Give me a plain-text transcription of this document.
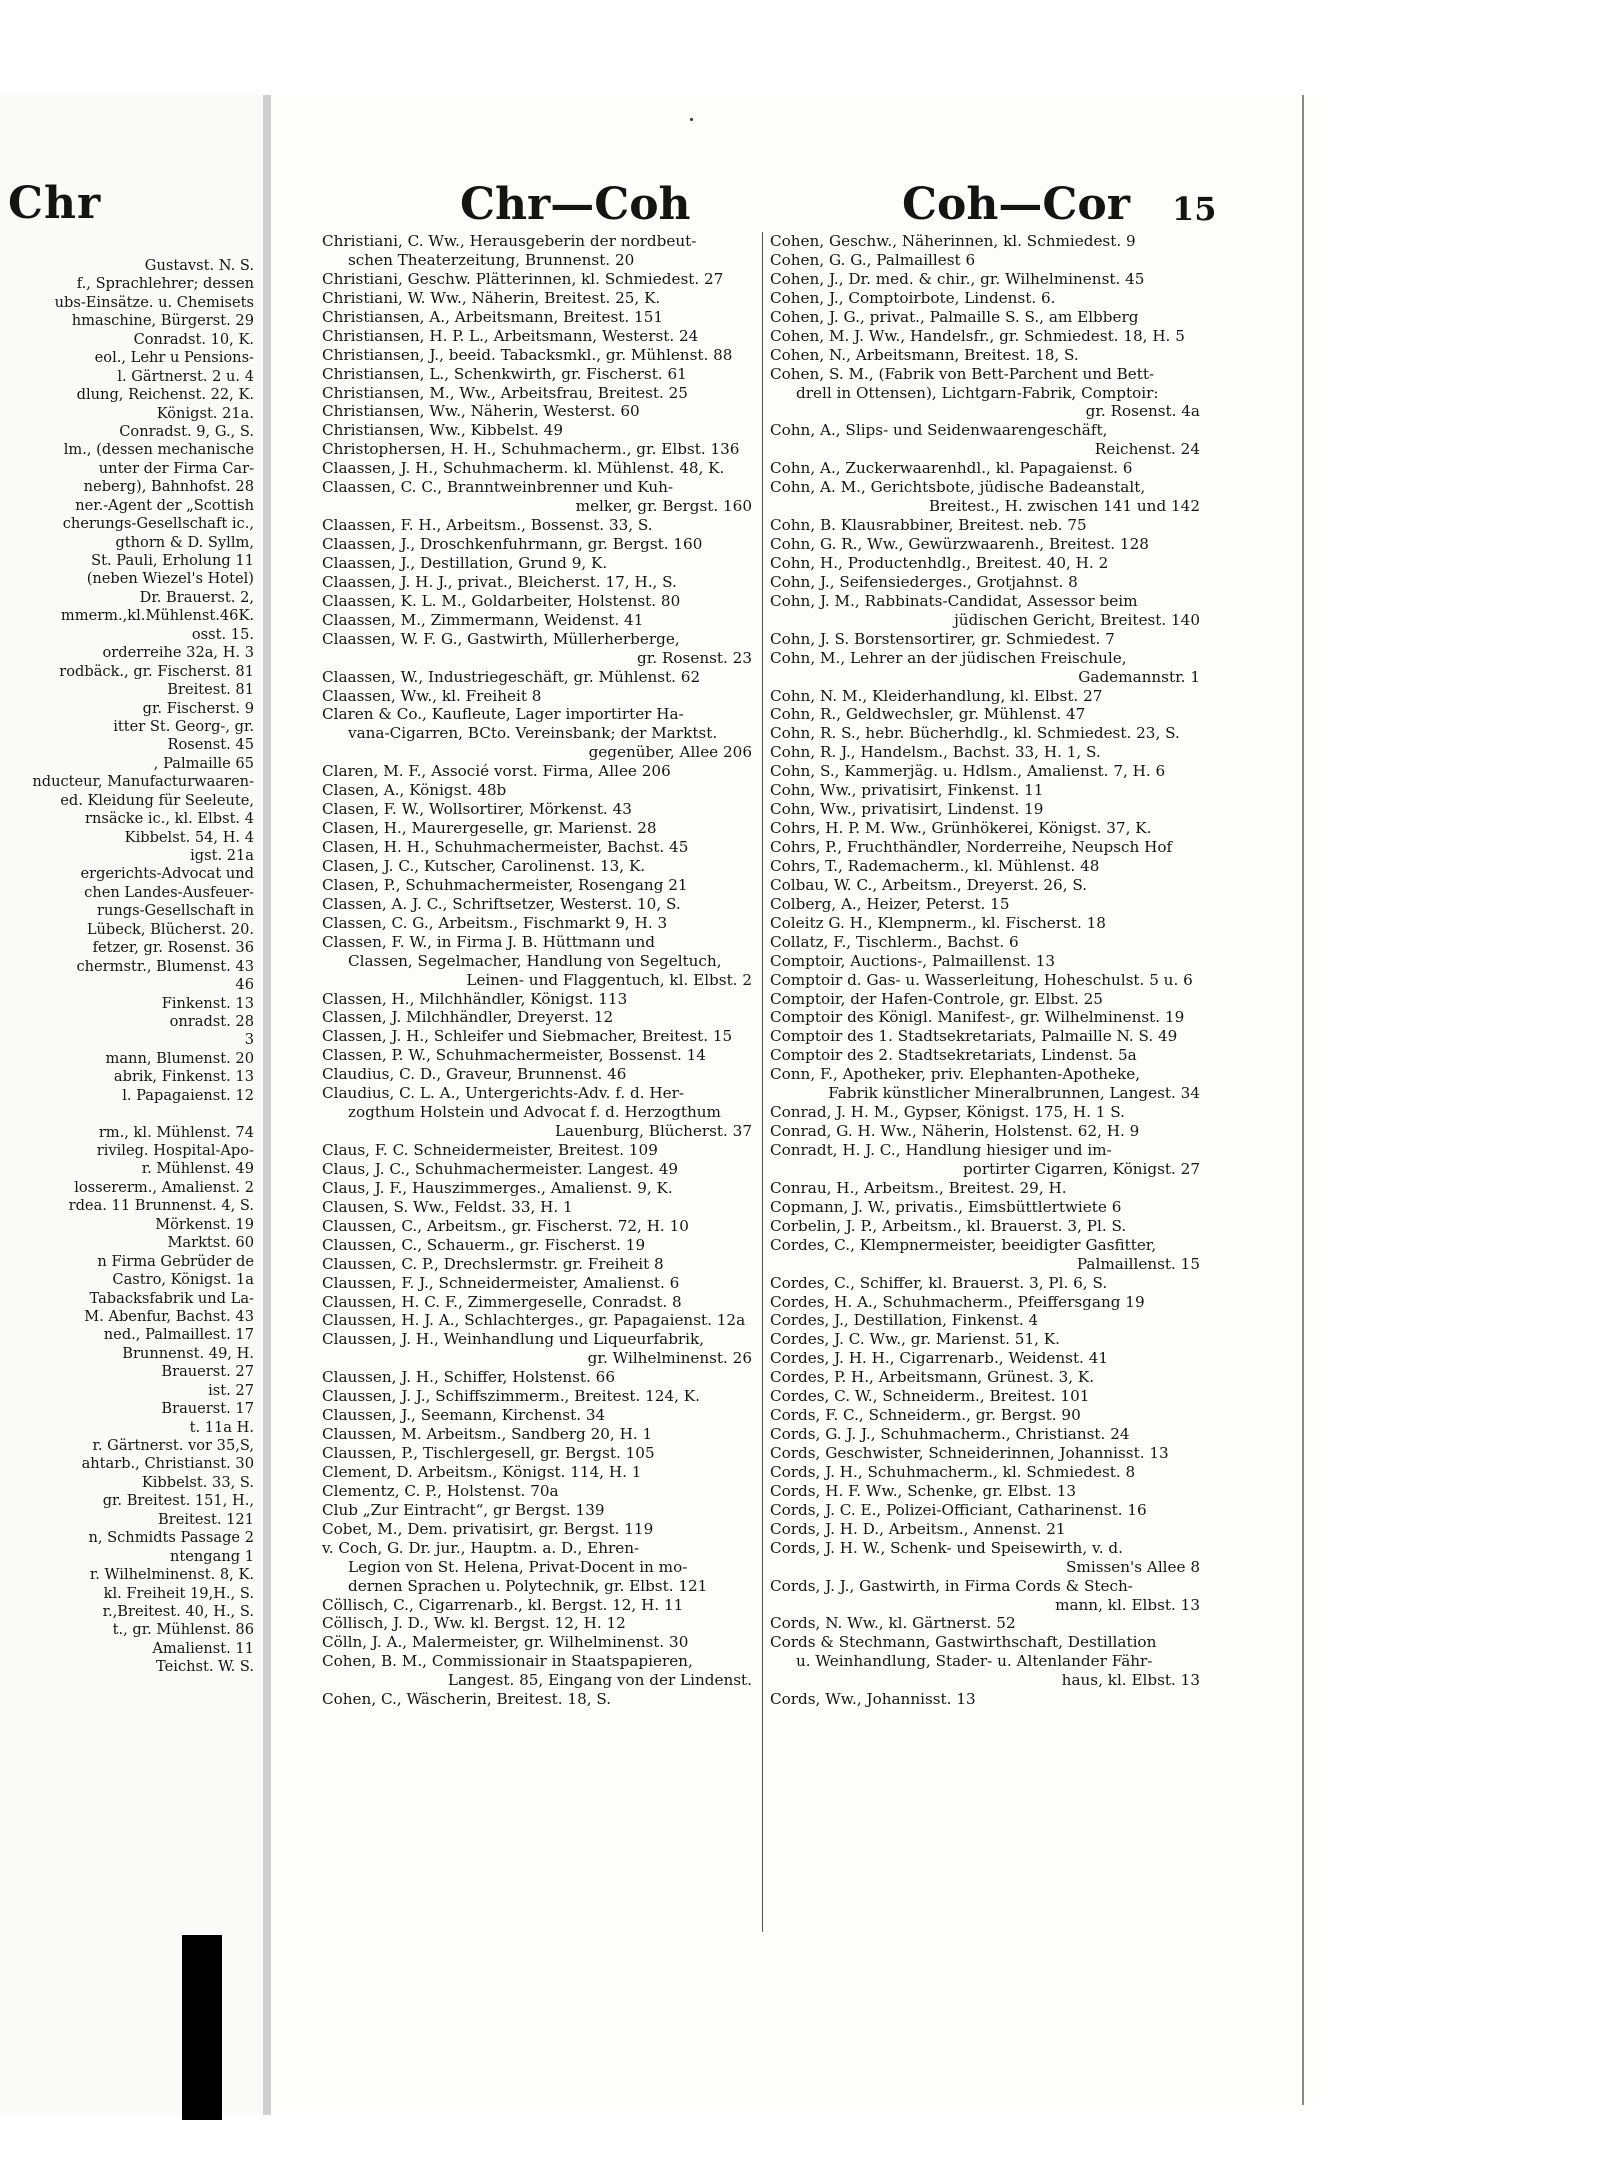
Chr
Gustavst. N. S.
f., Sprachlehrer; dessen
ubs-Einsätze. u. Chemisets
hmaschine, Bürgerst. 29
Conradst. 10, K.
eol., Lehr u Pensions-
l. Gärtnerst. 2 u. 4
dlung, Reichenst. 22, K.
Königst. 21a.
Conradst. 9, G., S.
lm., (dessen mechanische
unter der Firma Car-
neberg), Bahnhofst. 28
ner.-Agent der „Scottish
cherungs-Gesellschaft ic.,
gthorn & D. Syllm,
St. Pauli, Erholung 11
(neben Wiezel's Hotel)
Dr. Brauerst. 2,
mmerm.,kl.Mühlenst.46K.
osst. 15.
orderreihe 32a, H. 3
rodbäck., gr. Fischerst. 81
Breitest. 81
gr. Fischerst. 9
itter St. Georg-, gr.
Rosenst. 45
, Palmaille 65
nducteur, Manufacturwaaren-
ed. Kleidung für Seeleute,
rnsäcke ic., kl. Elbst. 4
Kibbelst. 54, H. 4
igst. 21a
ergerichts-Advocat und
chen Landes-Ausfeuer-
rungs-Gesellschaft in
Lübeck, Blücherst. 20.
fetzer, gr. Rosenst. 36
chermstr., Blumenst. 43
46
Finkenst. 13
onradst. 28
3
mann, Blumenst. 20
abrik, Finkenst. 13
l. Papagaienst. 12
rm., kl. Mühlenst. 74
rivileg. Hospital-Apo-
r. Mühlenst. 49
lossererm., Amalienst. 2
rdea. 11 Brunnenst. 4, S.
Mörkenst. 19
Marktst. 60
n Firma Gebrüder de
Castro, Königst. 1a
Tabacksfabrik und La-
M. Abenfur, Bachst. 43
ned., Palmaillest. 17
Brunnenst. 49, H.
Brauerst. 27
ist. 27
Brauerst. 17
t. 11a H.
r. Gärtnerst. vor 35,S,
ahtarb., Christianst. 30
Kibbelst. 33, S.
gr. Breitest. 151, H.,
Breitest. 121
n, Schmidts Passage 2
ntengang 1
r. Wilhelminenst. 8, K.
kl. Freiheit 19,H., S.
r.,Breitest. 40, H., S.
t., gr. Mühlenst. 86
Amalienst. 11
Teichst. W. S.
Chr—Coh	Coh—Cor 15
Christiani, C. Ww., Herausgeberin der nordbeut-
schen Theaterzeitung, Brunnenst. 20
Christiani, Geschw. Plätterinnen, kl. Schmiedest. 27
Christiani, W. Ww., Näherin, Breitest. 25, K.
Christiansen, A., Arbeitsmann, Breitest. 151
Christiansen, H. P. L., Arbeitsmann, Westerst. 24
Christiansen, J., beeid. Tabacksmkl., gr. Mühlenst. 88
Christiansen, L., Schenkwirth, gr. Fischerst. 61
Christiansen, M., Ww., Arbeitsfrau, Breitest. 25
Christiansen, Ww., Näherin, Westerst. 60
Christiansen, Ww., Kibbelst. 49
Christophersen, H. H., Schuhmacherm., gr. Elbst. 136
Claassen, J. H., Schuhmacherm. kl. Mühlenst. 48, K.
Claassen, C. C., Branntweinbrenner und Kuh-
melker, gr. Bergst. 160
Claassen, F. H., Arbeitsm., Bossenst. 33, S.
Claassen, J., Droschkenfuhrmann, gr. Bergst. 160
Claassen, J., Destillation, Grund 9, K.
Claassen, J. H. J., privat., Bleicherst. 17, H., S.
Claassen, K. L. M., Goldarbeiter, Holstenst. 80
Claassen, M., Zimmermann, Weidenst. 41
Claassen, W. F. G., Gastwirth, Müllerherberge,
gr. Rosenst. 23
Claassen, W., Industriegeschäft, gr. Mühlenst. 62
Claassen, Ww., kl. Freiheit 8
Claren & Co., Kaufleute, Lager importirter Ha-
vana-Cigarren, BCto. Vereinsbank; der Marktst.
gegenüber, Allee 206
Claren, M. F., Associé vorst. Firma, Allee 206
Clasen, A., Königst. 48b
Clasen, F. W., Wollsortirer, Mörkenst. 43
Clasen, H., Maurergeselle, gr. Marienst. 28
Clasen, H. H., Schuhmachermeister, Bachst. 45
Clasen, J. C., Kutscher, Carolinenst. 13, K.
Clasen, P., Schuhmachermeister, Rosengang 21
Classen, A. J. C., Schriftsetzer, Westerst. 10, S.
Classen, C. G., Arbeitsm., Fischmarkt 9, H. 3
Classen, F. W., in Firma J. B. Hüttmann und
Classen, Segelmacher, Handlung von Segeltuch,
Leinen- und Flaggentuch, kl. Elbst. 2
Classen, H., Milchhändler, Königst. 113
Classen, J. Milchhändler, Dreyerst. 12
Classen, J. H., Schleifer und Siebmacher, Breitest. 15
Classen, P. W., Schuhmachermeister, Bossenst. 14
Claudius, C. D., Graveur, Brunnenst. 46
Claudius, C. L. A., Untergerichts-Adv. f. d. Her-
zogthum Holstein und Advocat f. d. Herzogthum
Lauenburg, Blücherst. 37
Claus, F. C. Schneidermeister, Breitest. 109
Claus, J. C., Schuhmachermeister. Langest. 49
Claus, J. F., Hauszimmerges., Amalienst. 9, K.
Clausen, S. Ww., Feldst. 33, H. 1
Claussen, C., Arbeitsm., gr. Fischerst. 72, H. 10
Claussen, C., Schauerm., gr. Fischerst. 19
Claussen, C. P., Drechslermstr. gr. Freiheit 8
Claussen, F. J., Schneidermeister, Amalienst. 6
Claussen, H. C. F., Zimmergeselle, Conradst. 8
Claussen, H. J. A., Schlachterges., gr. Papagaienst. 12a
Claussen, J. H., Weinhandlung und Liqueurfabrik,
gr. Wilhelminenst. 26
Claussen, J. H., Schiffer, Holstenst. 66
Claussen, J. J., Schiffszimmerm., Breitest. 124, K.
Claussen, J., Seemann, Kirchenst. 34
Claussen, M. Arbeitsm., Sandberg 20, H. 1
Claussen, P., Tischlergesell, gr. Bergst. 105
Clement, D. Arbeitsm., Königst. 114, H. 1
Clementz, C. P., Holstenst. 70a
Club „Zur Eintracht“, gr Bergst. 139
Cobet, M., Dem. privatisirt, gr. Bergst. 119
v. Coch, G. Dr. jur., Hauptm. a. D., Ehren-
Legion von St. Helena, Privat-Docent in mo-
dernen Sprachen u. Polytechnik, gr. Elbst. 121
Cöllisch, C., Cigarrenarb., kl. Bergst. 12, H. 11
Cöllisch, J. D., Ww. kl. Bergst. 12, H. 12
Cölln, J. A., Malermeister, gr. Wilhelminenst. 30
Cohen, B. M., Commissionair in Staatspapieren,
Langest. 85, Eingang von der Lindenst.
Cohen, C., Wäscherin, Breitest. 18, S.
Cohen, Geschw., Näherinnen, kl. Schmiedest. 9
Cohen, G. G., Palmaillest 6
Cohen, J., Dr. med. & chir., gr. Wilhelminenst. 45
Cohen, J., Comptoirbote, Lindenst. 6.
Cohen, J. G., privat., Palmaille S. S., am Elbberg
Cohen, M. J. Ww., Handelsfr., gr. Schmiedest. 18, H. 5
Cohen, N., Arbeitsmann, Breitest. 18, S.
Cohen, S. M., (Fabrik von Bett-Parchent und Bett-
drell in Ottensen), Lichtgarn-Fabrik, Comptoir:
gr. Rosenst. 4a
Cohn, A., Slips- und Seidenwaarengeschäft,
Reichenst. 24
Cohn, A., Zuckerwaarenhdl., kl. Papagaienst. 6
Cohn, A. M., Gerichtsbote, jüdische Badeanstalt,
Breitest., H. zwischen 141 und 142
Cohn, B. Klausrabbiner, Breitest. neb. 75
Cohn, G. R., Ww., Gewürzwaarenh., Breitest. 128
Cohn, H., Productenhdlg., Breitest. 40, H. 2
Cohn, J., Seifensiederges., Grotjahnst. 8
Cohn, J. M., Rabbinats-Candidat, Assessor beim
jüdischen Gericht, Breitest. 140
Cohn, J. S. Borstensortirer, gr. Schmiedest. 7
Cohn, M., Lehrer an der jüdischen Freischule,
Gademannstr. 1
Cohn, N. M., Kleiderhandlung, kl. Elbst. 27
Cohn, R., Geldwechsler, gr. Mühlenst. 47
Cohn, R. S., hebr. Bücherhdlg., kl. Schmiedest. 23, S.
Cohn, R. J., Handelsm., Bachst. 33, H. 1, S.
Cohn, S., Kammerjäg. u. Hdlsm., Amalienst. 7, H. 6
Cohn, Ww., privatisirt, Finkenst. 11
Cohn, Ww., privatisirt, Lindenst. 19
Cohrs, H. P. M. Ww., Grünhökerei, Königst. 37, K.
Cohrs, P., Fruchthändler, Norderreihe, Neupsch Hof
Cohrs, T., Rademacherm., kl. Mühlenst. 48
Colbau, W. C., Arbeitsm., Dreyerst. 26, S.
Colberg, A., Heizer, Peterst. 15
Coleitz G. H., Klempnerm., kl. Fischerst. 18
Collatz, F., Tischlerm., Bachst. 6
Comptoir, Auctions-, Palmaillenst. 13
Comptoir d. Gas- u. Wasserleitung, Hoheschulst. 5 u. 6
Comptoir, der Hafen-Controle, gr. Elbst. 25
Comptoir des Königl. Manifest-, gr. Wilhelminenst. 19
Comptoir des 1. Stadtsekretariats, Palmaille N. S. 49
Comptoir des 2. Stadtsekretariats, Lindenst. 5a
Conn, F., Apotheker, priv. Elephanten-Apotheke,
Fabrik künstlicher Mineralbrunnen, Langest. 34
Conrad, J. H. M., Gypser, Königst. 175, H. 1 S.
Conrad, G. H. Ww., Näherin, Holstenst. 62, H. 9
Conradt, H. J. C., Handlung hiesiger und im-
portirter Cigarren, Königst. 27
Conrau, H., Arbeitsm., Breitest. 29, H.
Copmann, J. W., privatis., Eimsbüttlertwiete 6
Corbelin, J. P., Arbeitsm., kl. Brauerst. 3, Pl. S.
Cordes, C., Klempnermeister, beeidigter Gasfitter,
Palmaillenst. 15
Cordes, C., Schiffer, kl. Brauerst. 3, Pl. 6, S.
Cordes, H. A., Schuhmacherm., Pfeiffersgang 19
Cordes, J., Destillation, Finkenst. 4
Cordes, J. C. Ww., gr. Marienst. 51, K.
Cordes, J. H. H., Cigarrenarb., Weidenst. 41
Cordes, P. H., Arbeitsmann, Grünest. 3, K.
Cordes, C. W., Schneiderm., Breitest. 101
Cords, F. C., Schneiderm., gr. Bergst. 90
Cords, G. J. J., Schuhmacherm., Christianst. 24
Cords, Geschwister, Schneiderinnen, Johannisst. 13
Cords, J. H., Schuhmacherm., kl. Schmiedest. 8
Cords, H. F. Ww., Schenke, gr. Elbst. 13
Cords, J. C. E., Polizei-Officiant, Catharinenst. 16
Cords, J. H. D., Arbeitsm., Annenst. 21
Cords, J. H. W., Schenk- und Speisewirth, v. d.
Smissen's Allee 8
Cords, J. J., Gastwirth, in Firma Cords & Stech-
mann, kl. Elbst. 13
Cords, N. Ww., kl. Gärtnerst. 52
Cords & Stechmann, Gastwirthschaft, Destillation
u. Weinhandlung, Stader- u. Altenlander Fähr-
haus, kl. Elbst. 13
Cords, Ww., Johannisst. 13
